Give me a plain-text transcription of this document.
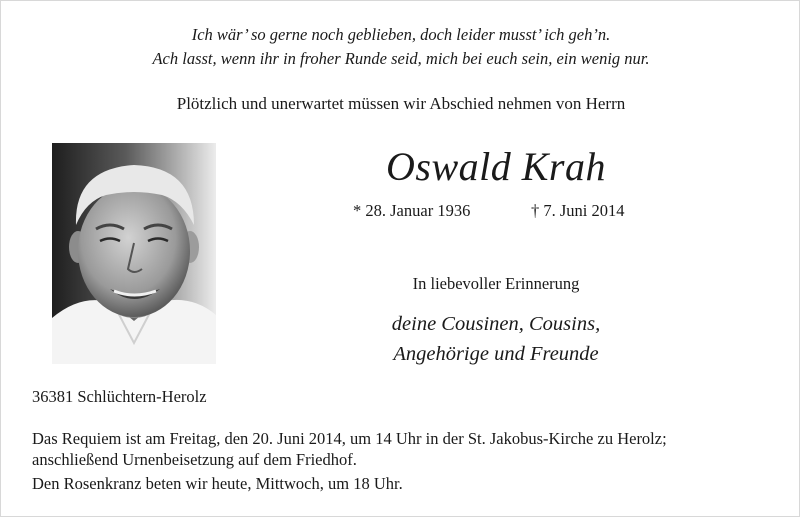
Ich wär’ so gerne noch geblieben, doch leider musst’ ich geh’n.
Ach lasst, wenn ihr in froher Runde seid, mich bei euch sein, ein wenig nur.
Plötzlich und unerwartet müssen wir Abschied nehmen von Herrn
Oswald Krah
* 28. Januar 1936	† 7. Juni 2014
In liebevoller Erinnerung
deine Cousinen, Cousins,
Angehörige und Freunde
36381 Schlüchtern-Herolz
Das Requiem ist am Freitag, den 20. Juni 2014, um 14 Uhr in der St. Jakobus-Kirche zu Herolz;
anschließend Urnenbeisetzung auf dem Friedhof.
Den Rosenkranz beten wir heute, Mittwoch, um 18 Uhr.
